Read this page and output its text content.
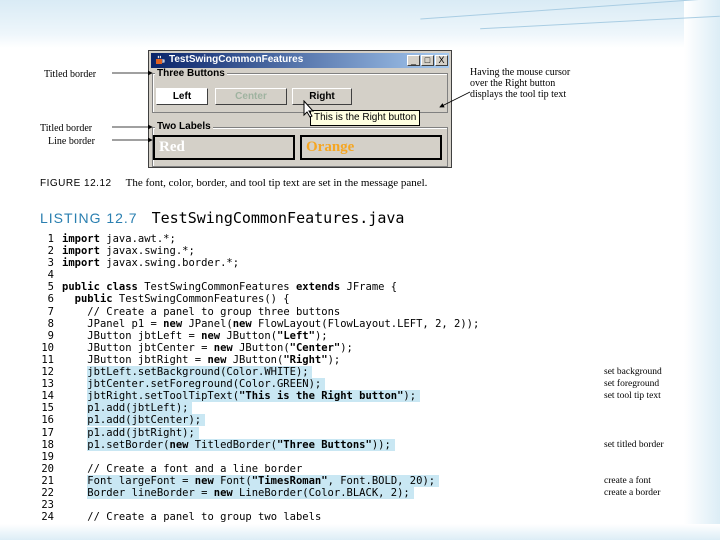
TestSwingCommonFeatures	_ □ X
Three Buttons
Left	Center	Right
Two Labels
Red	Orange
This is the Right button
Titled border
Titled border
Line border
Having the mouse cursor
over the Right button
displays the tool tip text
FIGURE 12.12 The font, color, border, and tool tip text are set in the message panel.
LISTING 12.7 TestSwingCommonFeatures.java
1 import java.awt.*;
2 import javax.swing.*;
3 import javax.swing.border.*;
4
5 public class TestSwingCommonFeatures extends JFrame {
6 public TestSwingCommonFeatures() {
7    // Create a panel to group three buttons
8	JPanel p1 = new JPanel(new FlowLayout(FlowLayout.LEFT, 2, 2));
9	JButton jbtLeft = new JButton("Left");
10	JButton jbtCenter = new JButton("Center");
11	JButton jbtRight = new JButton("Right");
12	jbtLeft.setBackground(Color.WHITE);	set background
13	jbtCenter.setForeground(Color.GREEN);	set foreground
14	jbtRight.setToolTipText("This is the Right button");	set tool tip text
15    p1.add(jbtLeft);
16    p1.add(jbtCenter);
17    p1.add(jbtRight);
18    p1.setBorder(new TitledBorder("Three Buttons"));	set titled border
19
20    // Create a font and a line border
21	Font largeFont = new Font("TimesRoman", Font.BOLD, 20);	create a font
22	Border lineBorder = new LineBorder(Color.BLACK, 2);	create a border
23
24    // Create a panel to group two labels
